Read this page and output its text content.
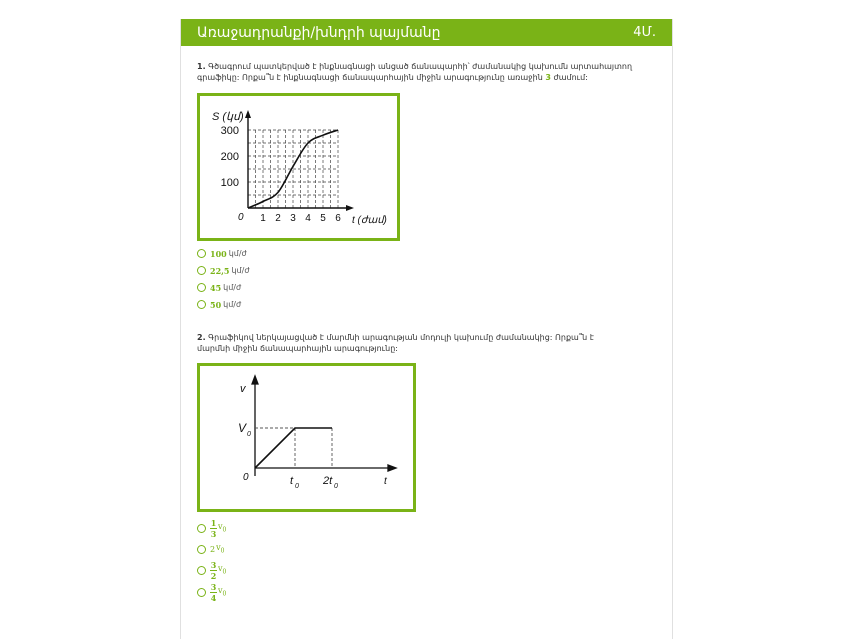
Առաջադրանքի/խնդրի պայմանը	4Մ.
1. Գծագրում պատկերված է ինքնագնացի անցած ճանապարհի՝ ժամանակից կախումն արտահայտող գրաֆիկը: Որքա՞ն է ինքնագնացի ճանապարհային միջին արագությունը առաջին 3 ժամում:
S (կմ)
t (ժամ)
0
100
200
300
1 2 3 4 5 6
100 կմ/ժ
22,5 կմ/ժ
45 կմ/ժ
50 կմ/ժ
2. Գրաֆիկով ներկայացված է մարմնի արագության մոդուլի կախումը ժամանակից: Որքա՞ն է մարմնի միջին ճանապարհային արագությունը:
v
V 0
0	t 0 2t 0	t
$\frac{1}{3} v_0$
2 $v_0$
$\frac{3}{2} v_0$
$\frac{3}{4} v_0$
